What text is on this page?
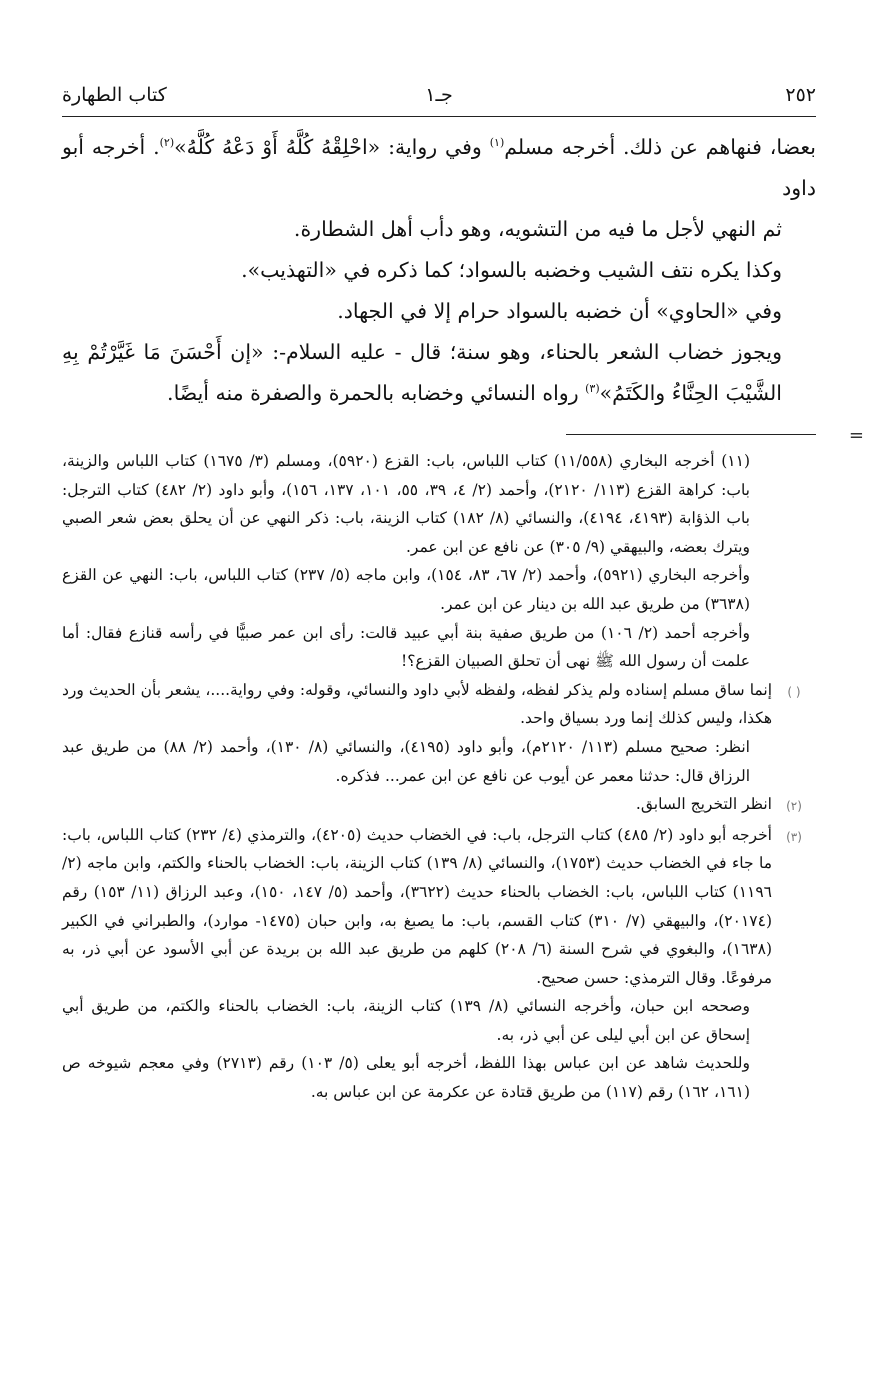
٢٥٢
جـ١
كتاب الطهارة

بعضا، فنهاهم عن ذلك. أخرجه مسلم$^{(١)}$ وفي رواية: «احْلِقْهُ كُلَّهُ أَوْ دَعْهُ كُلَّهُ»$^{(٢)}$. أخرجه أبو داود

ثم النهي لأجل ما فيه من التشويه، وهو دأب أهل الشطارة.

وكذا يكره نتف الشيب وخضبه بالسواد؛ كما ذكره في «التهذيب».

وفي «الحاوي» أن خضبه بالسواد حرام إلا في الجهاد.

ويجوز خضاب الشعر بالحناء، وهو سنة؛ قال - عليه السلام-: «إن أَحْسَنَ مَا غَيَّرْتُمْ بِهِ الشَّيْبَ الحِنَّاءُ والكَتَمُ»$^{(٣)}$ رواه النسائي وخضابه بالحمرة والصفرة منه أيضًا.

=

(١١) أخرجه البخاري (١١/٥٥٨) كتاب اللباس، باب: القزع (٥٩٢٠)، ومسلم (٣/ ١٦٧٥) كتاب اللباس والزينة، باب: كراهة القزع (١١٣/ ٢١٢٠)، وأحمد (٢/ ٤، ٣٩، ٥٥، ١٠١، ١٣٧، ١٥٦)، وأبو داود (٢/ ٤٨٢) كتاب الترجل: باب الذؤابة (٤١٩٣، ٤١٩٤)، والنسائي (٨/ ١٨٢) كتاب الزينة، باب: ذكر النهي عن أن يحلق بعض شعر الصبي ويترك بعضه، والبيهقي (٩/ ٣٠٥) عن نافع عن ابن عمر.

وأخرجه البخاري (٥٩٢١)، وأحمد (٢/ ٦٧، ٨٣، ١٥٤)، وابن ماجه (٥/ ٢٣٧) كتاب اللباس، باب: النهي عن القزع (٣٦٣٨) من طريق عبد الله بن دينار عن ابن عمر.

وأخرجه أحمد (٢/ ١٠٦) من طريق صفية بنة أبي عبيد قالت: رأى ابن عمر صبيًّا في رأسه قنازع فقال: أما علمت أن رسول الله ﷺ نهى أن تحلق الصبيان القزع؟!

( )

إنما ساق مسلم إسناده ولم يذكر لفظه، ولفظه لأبي داود والنسائي، وقوله: وفي رواية....، يشعر بأن الحديث ورد هكذا، وليس كذلك إنما ورد بسياق واحد.

انظر: صحيح مسلم (١١٣/ ٢١٢٠م)، وأبو داود (٤١٩٥)، والنسائي (٨/ ١٣٠)، وأحمد (٢/ ٨٨) من طريق عبد الرزاق قال: حدثنا معمر عن أيوب عن نافع عن ابن عمر... فذكره.

(٢)

انظر التخريج السابق.

(٣)

أخرجه أبو داود (٢/ ٤٨٥) كتاب الترجل، باب: في الخضاب حديث (٤٢٠٥)، والترمذي (٤/ ٢٣٢) كتاب اللباس، باب: ما جاء في الخضاب حديث (١٧٥٣)، والنسائي (٨/ ١٣٩) كتاب الزينة، باب: الخضاب بالحناء والكتم، وابن ماجه (٢/ ١١٩٦) كتاب اللباس، باب: الخضاب بالحناء حديث (٣٦٢٢)، وأحمد (٥/ ١٤٧، ١٥٠)، وعبد الرزاق (١١/ ١٥٣) رقم (٢٠١٧٤)، والبيهقي (٧/ ٣١٠) كتاب القسم، باب: ما يصبغ به، وابن حبان (١٤٧٥- موارد)، والطبراني في الكبير (١٦٣٨)، والبغوي في شرح السنة (٦/ ٢٠٨) كلهم من طريق عبد الله بن بريدة عن أبي الأسود عن أبي ذر، به مرفوعًا. وقال الترمذي: حسن صحيح.

وصححه ابن حبان، وأخرجه النسائي (٨/ ١٣٩) كتاب الزينة، باب: الخضاب بالحناء والكتم، من طريق أبي إسحاق عن ابن أبي ليلى عن أبي ذر، به.

وللحديث شاهد عن ابن عباس بهذا اللفظ، أخرجه أبو يعلى (٥/ ١٠٣) رقم (٢٧١٣) وفي معجم شيوخه ص (١٦١، ١٦٢) رقم (١١٧) من طريق قتادة عن عكرمة عن ابن عباس به.
